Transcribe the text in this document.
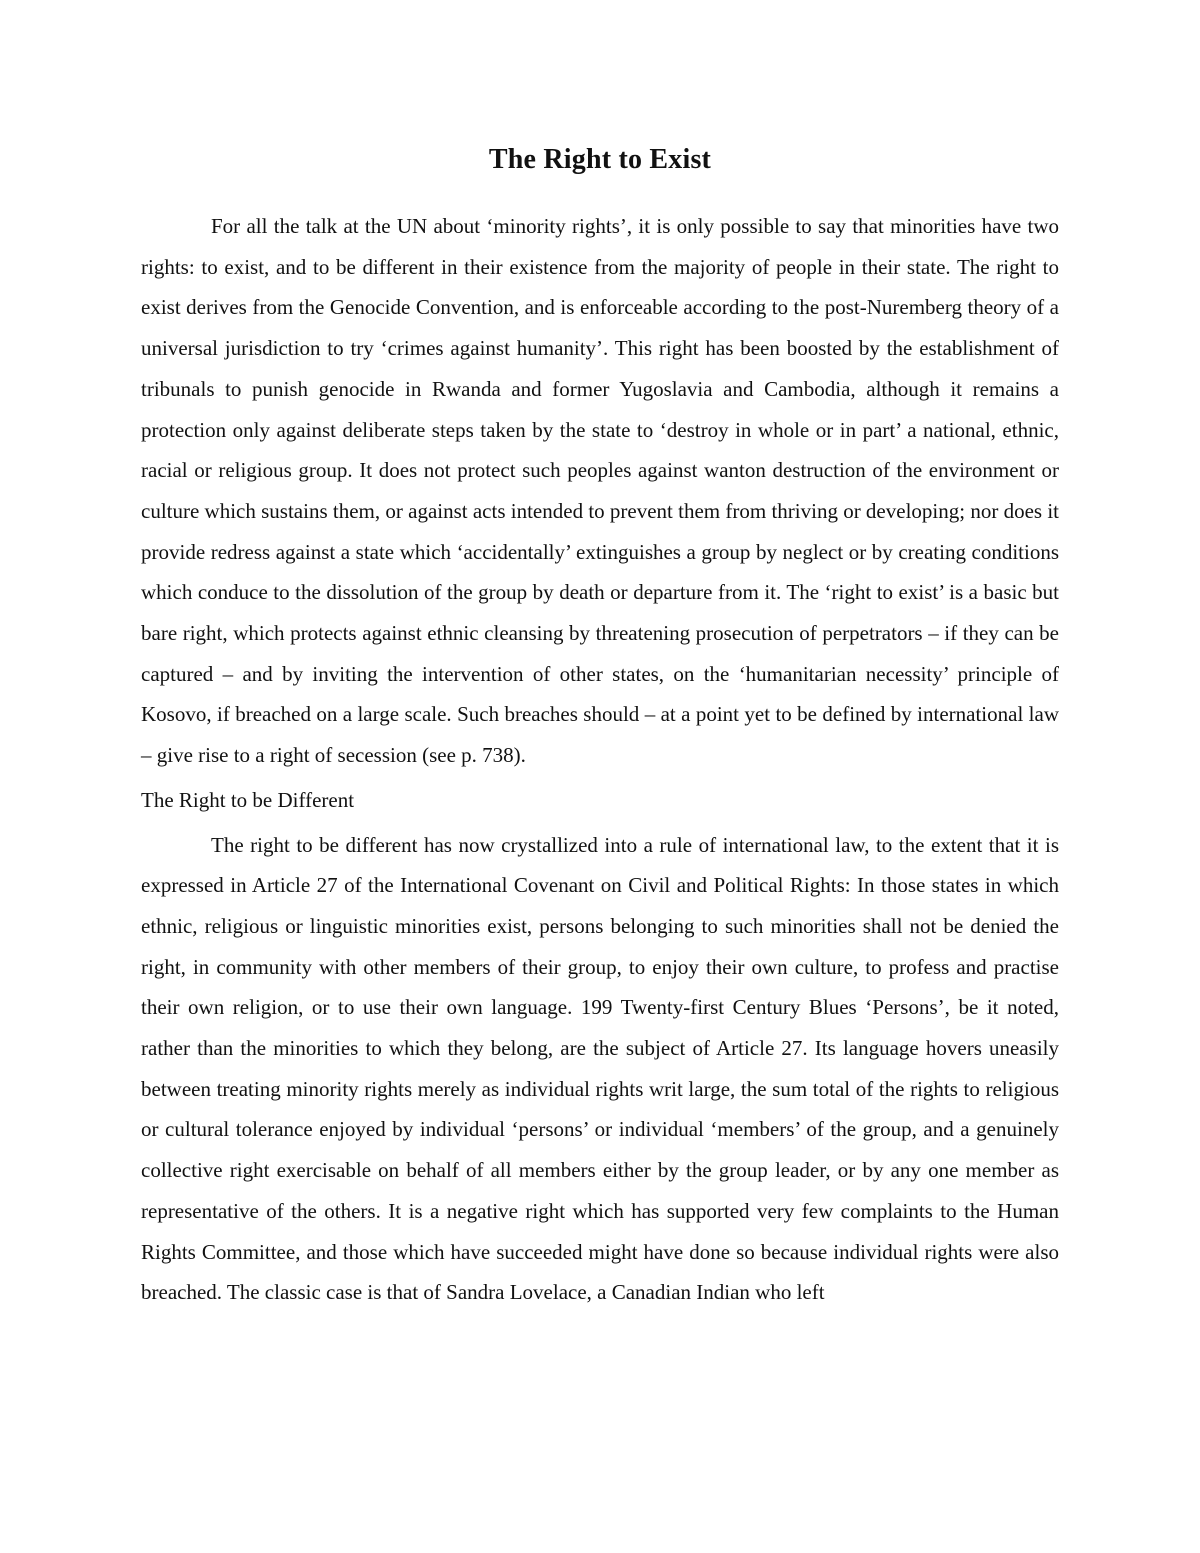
The Right to Exist

For all the talk at the UN about ‘minority rights’, it is only possible to say that minorities have two rights: to exist, and to be different in their existence from the majority of people in their state. The right to exist derives from the Genocide Convention, and is enforceable according to the post-Nuremberg theory of a universal jurisdiction to try ‘crimes against humanity’. This right has been boosted by the establishment of tribunals to punish genocide in Rwanda and former Yugoslavia and Cambodia, although it remains a protection only against deliberate steps taken by the state to ‘destroy in whole or in part’ a national, ethnic, racial or religious group. It does not protect such peoples against wanton destruction of the environment or culture which sustains them, or against acts intended to prevent them from thriving or developing; nor does it provide redress against a state which ‘accidentally’ extinguishes a group by neglect or by creating conditions which conduce to the dissolution of the group by death or departure from it. The ‘right to exist’ is a basic but bare right, which protects against ethnic cleansing by threatening prosecution of perpetrators – if they can be captured – and by inviting the intervention of other states, on the ‘humanitarian necessity’ principle of Kosovo, if breached on a large scale. Such breaches should – at a point yet to be defined by international law – give rise to a right of secession (see p. 738).

The Right to be Different

The right to be different has now crystallized into a rule of international law, to the extent that it is expressed in Article 27 of the International Covenant on Civil and Political Rights: In those states in which ethnic, religious or linguistic minorities exist, persons belonging to such minorities shall not be denied the right, in community with other members of their group, to enjoy their own culture, to profess and practise their own religion, or to use their own language. 199 Twenty-first Century Blues ‘Persons’, be it noted, rather than the minorities to which they belong, are the subject of Article 27. Its language hovers uneasily between treating minority rights merely as individual rights writ large, the sum total of the rights to religious or cultural tolerance enjoyed by individual ‘persons’ or individual ‘members’ of the group, and a genuinely collective right exercisable on behalf of all members either by the group leader, or by any one member as representative of the others. It is a negative right which has supported very few complaints to the Human Rights Committee, and those which have succeeded might have done so because individual rights were also breached. The classic case is that of Sandra Lovelace, a Canadian Indian who left
